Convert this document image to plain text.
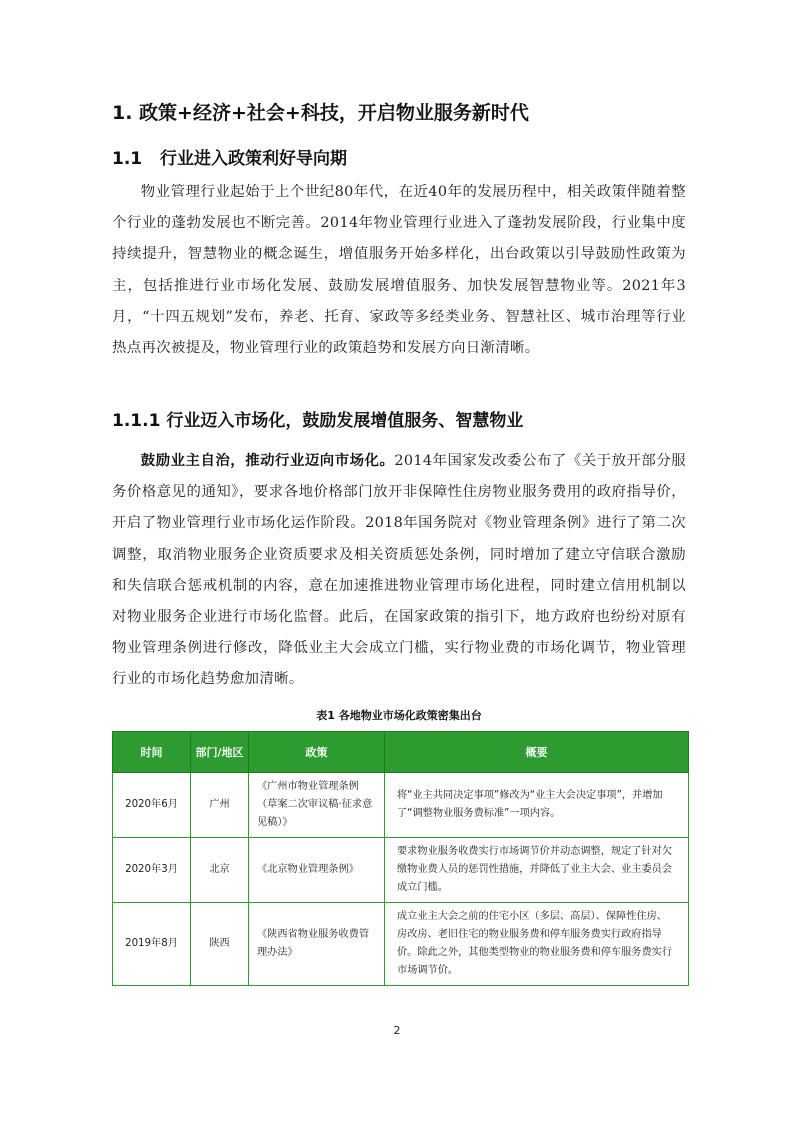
1. 政策+经济+社会+科技，开启物业服务新时代
1.1 行业进入政策利好导向期

物业管理行业起始于上个世纪80年代，在近40年的发展历程中，相关政策伴随着整个行业的蓬勃发展也不断完善。2014年物业管理行业进入了蓬勃发展阶段，行业集中度持续提升，智慧物业的概念诞生，增值服务开始多样化，出台政策以引导鼓励性政策为主，包括推进行业市场化发展、鼓励发展增值服务、加快发展智慧物业等。2021年3月，“十四五规划”发布，养老、托育、家政等多经类业务、智慧社区、城市治理等行业热点再次被提及，物业管理行业的政策趋势和发展方向日渐清晰。

1.1.1 行业迈入市场化，鼓励发展增值服务、智慧物业

鼓励业主自治，推动行业迈向市场化。2014年国家发改委公布了《关于放开部分服务价格意见的通知》，要求各地价格部门放开非保障性住房物业服务费用的政府指导价，开启了物业管理行业市场化运作阶段。2018年国务院对《物业管理条例》进行了第二次调整，取消物业服务企业资质要求及相关资质惩处条例，同时增加了建立守信联合激励和失信联合惩戒机制的内容，意在加速推进物业管理市场化进程，同时建立信用机制以对物业服务企业进行市场化监督。此后，在国家政策的指引下，地方政府也纷纷对原有物业管理条例进行修改，降低业主大会成立门槛，实行物业费的市场化调节，物业管理行业的市场化趋势愈加清晰。

表1 各地物业市场化政策密集出台
时间	部门/地区	政策	概要
2020年6月	广州	《广州市物业管理条例（草案二次审议稿·征求意见稿）》	将“业主共同决定事项”修改为“业主大会决定事项”，并增加了“调整物业服务费标准”一项内容。
2020年3月	北京	《北京物业管理条例》	要求物业服务收费实行市场调节价并动态调整，规定了针对欠缴物业费人员的惩罚性措施，并降低了业主大会、业主委员会成立门槛。
2019年8月	陕西	《陕西省物业服务收费管理办法》	成立业主大会之前的住宅小区（多层、高层）、保障性住房、房改房、老旧住宅的物业服务费和停车服务费实行政府指导价。除此之外，其他类型物业的物业服务费和停车服务费实行市场调节价。
2
